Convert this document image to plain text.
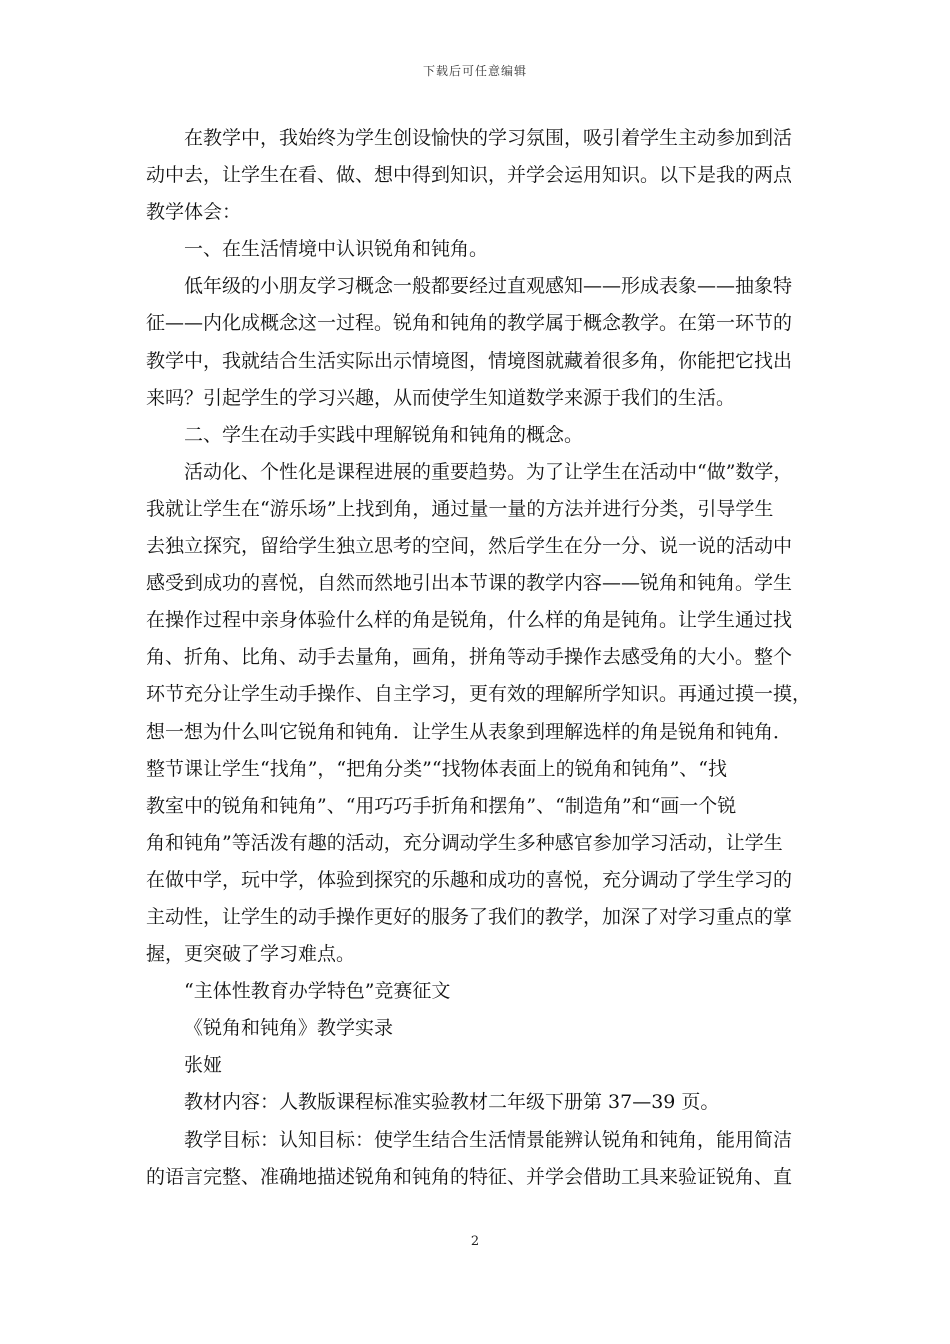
下载后可任意编辑
在教学中，我始终为学生创设愉快的学习氛围，吸引着学生主动参加到活
动中去，让学生在看、做、想中得到知识，并学会运用知识。以下是我的两点
教学体会：
一、在生活情境中认识锐角和钝角。
低年级的小朋友学习概念一般都要经过直观感知——形成表象——抽象特
征——内化成概念这一过程。锐角和钝角的教学属于概念教学。在第一环节的
教学中，我就结合生活实际出示情境图，情境图就藏着很多角，你能把它找出
来吗？引起学生的学习兴趣，从而使学生知道数学来源于我们的生活。
二、学生在动手实践中理解锐角和钝角的概念。
活动化、个性化是课程进展的重要趋势。为了让学生在活动中“做”数学，
我就让学生在“游乐场”上找到角，通过量一量的方法并进行分类，引导学生
去独立探究，留给学生独立思考的空间，然后学生在分一分、说一说的活动中
感受到成功的喜悦，自然而然地引出本节课的教学内容——锐角和钝角。学生
在操作过程中亲身体验什么样的角是锐角，什么样的角是钝角。让学生通过找
角、折角、比角、动手去量角，画角，拼角等动手操作去感受角的大小。整个
环节充分让学生动手操作、自主学习，更有效的理解所学知识。再通过摸一摸，
想一想为什么叫它锐角和钝角．让学生从表象到理解选样的角是锐角和钝角．
整节课让学生“找角”，“把角分类”“找物体表面上的锐角和钝角”、“找
教室中的锐角和钝角”、“用巧巧手折角和摆角”、“制造角”和“画一个锐
角和钝角”等活泼有趣的活动，充分调动学生多种感官参加学习活动，让学生
在做中学，玩中学，体验到探究的乐趣和成功的喜悦，充分调动了学生学习的
主动性，让学生的动手操作更好的服务了我们的教学，加深了对学习重点的掌
握，更突破了学习难点。
“主体性教育办学特色”竞赛征文
《锐角和钝角》教学实录
张娅
教材内容：人教版课程标准实验教材二年级下册第 37—39 页。
教学目标：认知目标：使学生结合生活情景能辨认锐角和钝角，能用简洁
的语言完整、准确地描述锐角和钝角的特征、并学会借助工具来验证锐角、直
2
